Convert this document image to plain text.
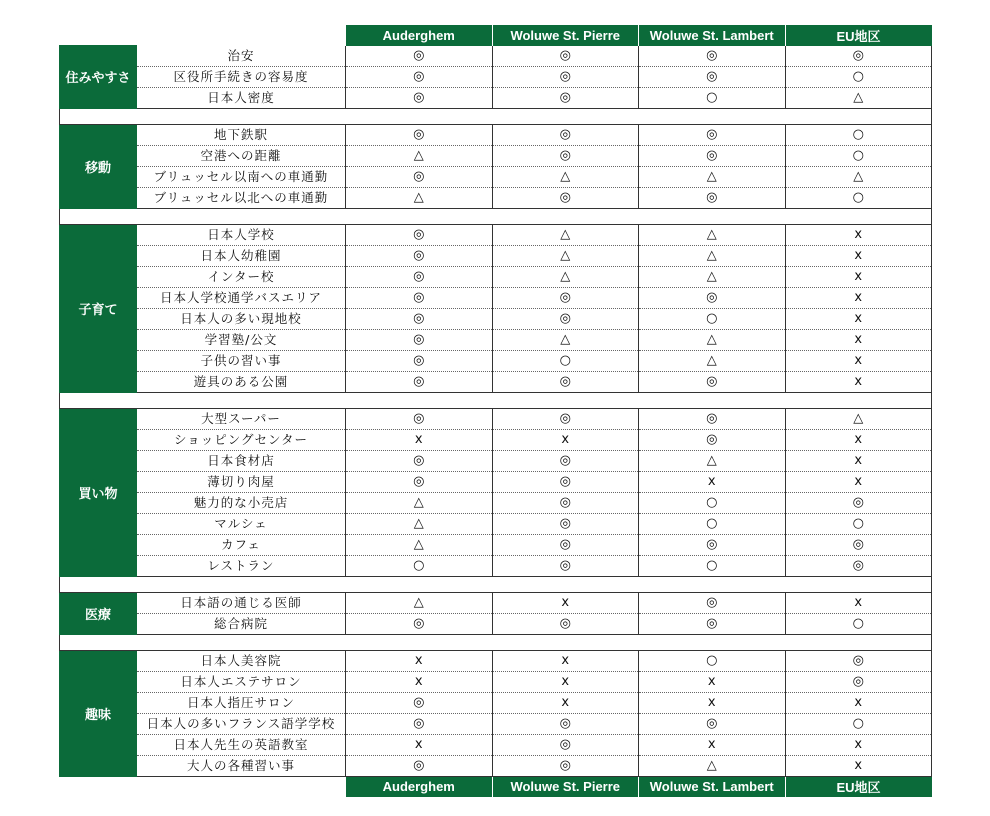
		Auderghem	Woluwe St. Pierre	Woluwe St. Lambert	EU地区
住みやすさ	治安	◎	◎	◎	◎
	区役所手続きの容易度	◎	◎	◎	○
	日本人密度	◎	◎	○	△

移動	地下鉄駅	◎	◎	◎	○
	空港への距離	△	◎	◎	○
	ブリュッセル以南への車通勤	◎	△	△	△
	ブリュッセル以北への車通勤	△	◎	◎	○

子育て	日本人学校	◎	△	△	x
	日本人幼稚園	◎	△	△	x
	インター校	◎	△	△	x
	日本人学校通学バスエリア	◎	◎	◎	x
	日本人の多い現地校	◎	◎	○	x
	学習塾/公文	◎	△	△	x
	子供の習い事	◎	○	△	x
	遊具のある公園	◎	◎	◎	x

買い物	大型スーパー	◎	◎	◎	△
	ショッピングセンター	x	x	◎	x
	日本食材店	◎	◎	△	x
	薄切り肉屋	◎	◎	x	x
	魅力的な小売店	△	◎	○	◎
	マルシェ	△	◎	○	○
	カフェ	△	◎	◎	◎
	レストラン	○	◎	○	◎

医療	日本語の通じる医師	△	x	◎	x
	総合病院	◎	◎	◎	○

趣味	日本人美容院	x	x	○	◎
	日本人エステサロン	x	x	x	◎
	日本人指圧サロン	◎	x	x	x
	日本人の多いフランス語学学校	◎	◎	◎	○
	日本人先生の英語教室	x	◎	x	x
	大人の各種習い事	◎	◎	△	x
		Auderghem	Woluwe St. Pierre	Woluwe St. Lambert	EU地区
